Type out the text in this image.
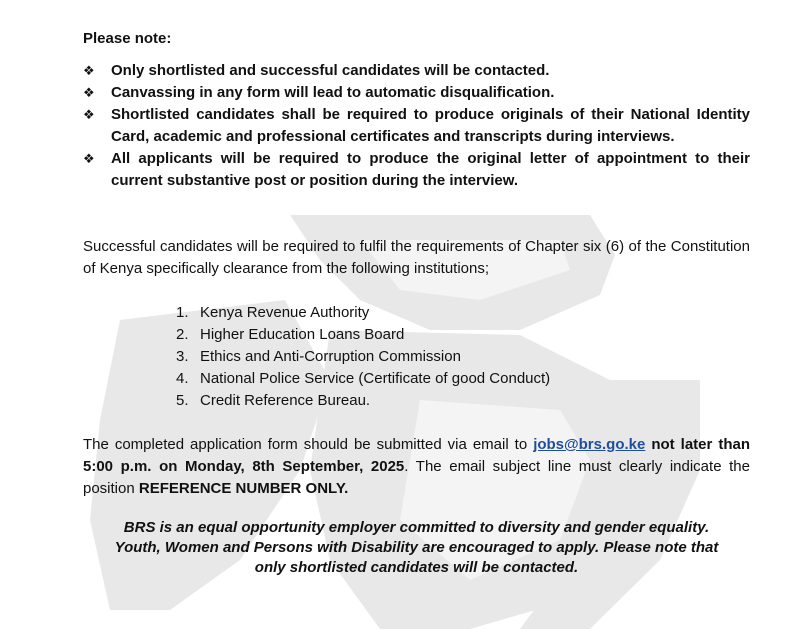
Please note:
❖ Only shortlisted and successful candidates will be contacted.
❖ Canvassing in any form will lead to automatic disqualification.
❖ Shortlisted candidates shall be required to produce originals of their National Identity Card, academic and professional certificates and transcripts during interviews.
❖ All applicants will be required to produce the original letter of appointment to their current substantive post or position during the interview.
Successful candidates will be required to fulfil the requirements of Chapter six (6) of the Constitution of Kenya specifically clearance from the following institutions;
1. Kenya Revenue Authority
2. Higher Education Loans Board
3. Ethics and Anti-Corruption Commission
4. National Police Service (Certificate of good Conduct)
5. Credit Reference Bureau.
The completed application form should be submitted via email to jobs@brs.go.ke not later than 5:00 p.m. on Monday, 8th September, 2025. The email subject line must clearly indicate the position REFERENCE NUMBER ONLY.
BRS is an equal opportunity employer committed to diversity and gender equality.
Youth, Women and Persons with Disability are encouraged to apply. Please note that
only shortlisted candidates will be contacted.
